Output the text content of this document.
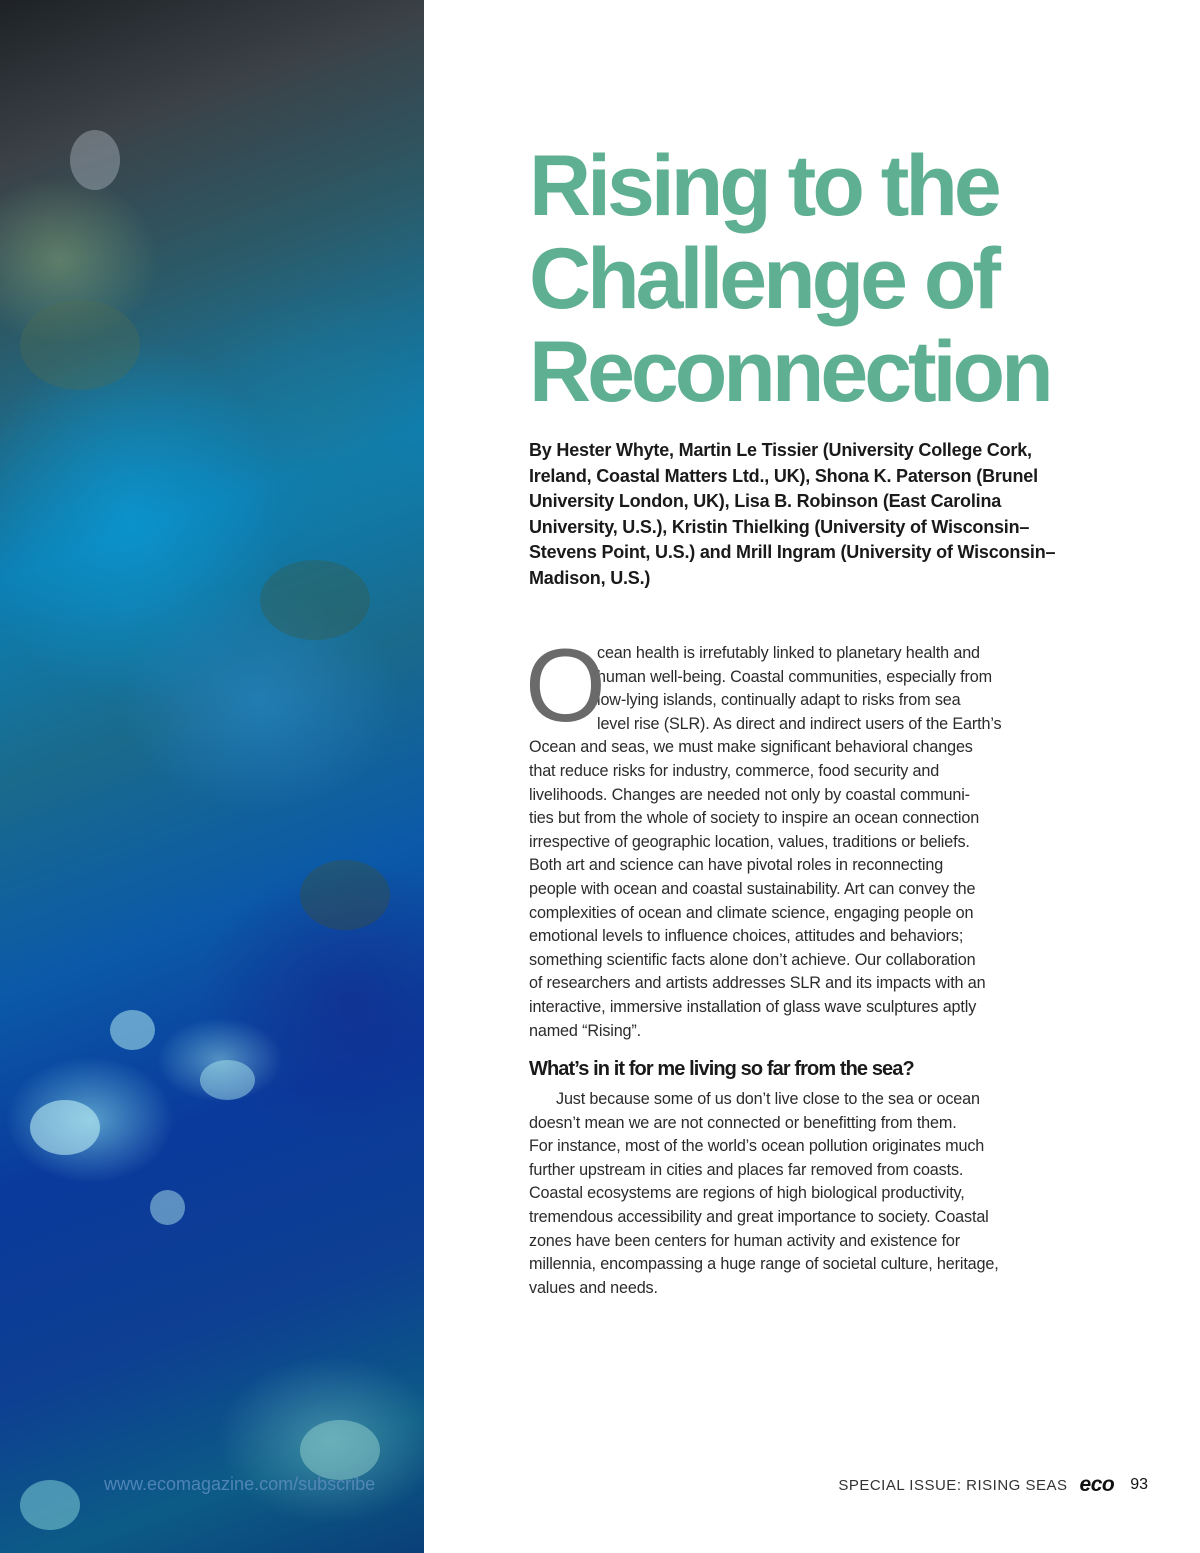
www.ecomagazine.com/subscribe
Rising to the
Challenge of
Reconnection

By Hester Whyte, Martin Le Tissier (University College Cork, Ireland, Coastal Matters Ltd., UK), Shona K. Paterson (Brunel University London, UK), Lisa B. Robinson (East Carolina University, U.S.), Kristin Thielking (University of Wisconsin–Stevens Point, U.S.) and Mrill Ingram (University of Wisconsin–Madison, U.S.)

O
cean health is irrefutably linked to planetary health and
human well-being. Coastal communities, especially from
low-lying islands, continually adapt to risks from sea
level rise (SLR). As direct and indirect users of the Earth’s
Ocean and seas, we must make significant behavioral changes
that reduce risks for industry, commerce, food security and
livelihoods. Changes are needed not only by coastal communi-
ties but from the whole of society to inspire an ocean connection
irrespective of geographic location, values, traditions or beliefs.
Both art and science can have pivotal roles in reconnecting
people with ocean and coastal sustainability. Art can convey the
complexities of ocean and climate science, engaging people on
emotional levels to influence choices, attitudes and behaviors;
something scientific facts alone don’t achieve. Our collaboration
of researchers and artists addresses SLR and its impacts with an
interactive, immersive installation of glass wave sculptures aptly
named “Rising”.
What’s in it for me living so far from the sea?
Just because some of us don’t live close to the sea or ocean
doesn’t mean we are not connected or benefitting from them.
For instance, most of the world’s ocean pollution originates much
further upstream in cities and places far removed from coasts.
Coastal ecosystems are regions of high biological productivity,
tremendous accessibility and great importance to society. Coastal
zones have been centers for human activity and existence for
millennia, encompassing a huge range of societal culture, heritage,
values and needs.
SPECIAL ISSUE: RISING SEAS eco 93
